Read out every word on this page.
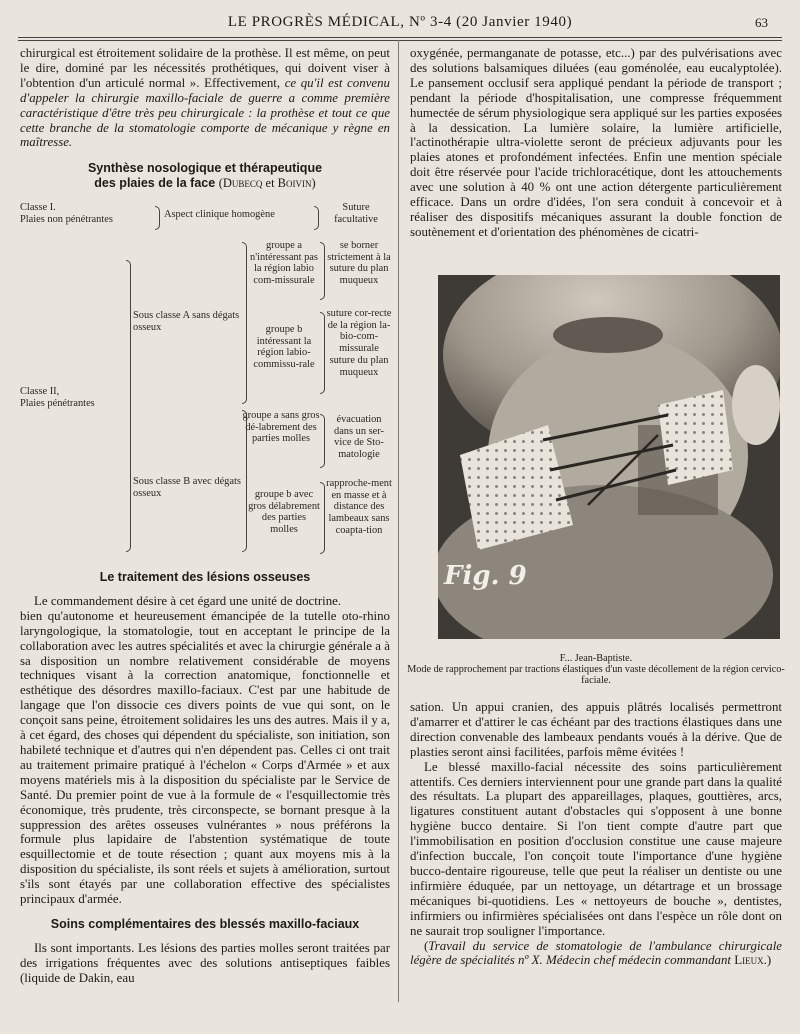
LE PROGRÈS MÉDICAL, Nº 3-4 (20 Janvier 1940)	63

chirurgical est étroitement solidaire de la prothèse. Il est même, on peut le dire, dominé par les nécessités prothétiques, qui doivent viser à l'obtention d'un articulé normal ». Effectivement, ce qu'il est convenu d'appeler la chirurgie maxillo-faciale de guerre a comme première caractéristique d'être très peu chirurgicale : la prothèse et tout ce que cette branche de la stomatologie comporte de mécanique y règne en maîtresse.

Synthèse nosologique et thérapeutique
des plaies de la face (Dubecq et Boivin)
Classe I.
Plaies non pénétrantes	Aspect clinique homogène
Suture facultative
Classe II,
Plaies pénétrantes
Sous classe A sans dégats osseux
Sous classe B avec dégats osseux
groupe a n'intéressant pas la région labio com-missurale
se borner strictement à la suture du plan muqueux
groupe b intéressant la région labio-commissu-rale
suture cor-recte de la région la-bio-com-missurale suture du plan muqueux
groupe a sans gros dé-labrement des parties molles
évacuation dans un ser-vice de Sto-matologie
groupe b avec gros délabrement des parties molles
rapproche-ment en masse et à distance des lambeaux sans coapta-tion
Le traitement des lésions osseuses

Le commandement désire à cet égard une unité de doctrine.

bien qu'autonome et heureusement émancipée de la tutelle oto-rhino laryngologique, la stomatologie, tout en acceptant le principe de la collaboration avec les autres spécialités et avec la chirurgie générale a à sa disposition un nombre relativement considérable de moyens techniques visant à la correction anatomique, fonctionnelle et esthétique des désordres maxillo-faciaux. C'est par une habitude de langage que l'on dissocie ces divers points de vue qui sont, on le conçoit sans peine, étroitement solidaires les uns des autres. Mais il y a, à cet égard, des choses qui dépendent du spécialiste, son initiation, son habileté technique et d'autres qui n'en dépendent pas. Celles ci ont trait au traitement primaire pratiqué à l'échelon « Corps d'Armée » et aux moyens matériels mis à la disposition du spécialiste par le Service de Santé. Du premier point de vue à la formule de « l'esquillectomie très économique, très prudente, très circonspecte, se bornant presque à la suppression des arêtes osseuses vulnérantes » nous préférons la formule plus lapidaire de l'abstention systématique de toute esquillectomie et de toute résection ; quant aux moyens mis à la disposition du spécialiste, ils sont réels et sujets à amélioration, surtout s'ils sont étayés par une collaboration effective des spécialistes principaux d'armée.

Soins complémentaires des blessés maxillo-faciaux

Ils sont importants. Les lésions des parties molles seront traitées par des irrigations fréquentes avec des solutions antiseptiques faibles (liquide de Dakin, eau

oxygénée, permanganate de potasse, etc...) par des pulvérisations avec des solutions balsamiques diluées (eau goménolée, eau eucalyptolée). Le pansement occlusif sera appliqué pendant la période de transport ; pendant la période d'hospitalisation, une compresse fréquemment humectée de sérum physiologique sera appliqué sur les parties exposées à la dessication. La lumière solaire, la lumière artificielle, l'actinothérapie ultra-violette seront de précieux adjuvants pour les plaies atones et profondément infectées. Enfin une mention spéciale doit être réservée pour l'acide trichloracétique, dont les attouchements avec une solution à 40 % ont une action détergente particulièrement efficace. Dans un ordre d'idées, l'on sera conduit à concevoir et à réaliser des dispositifs mécaniques assurant la double fonction de soutènement et d'orientation des phénomènes de cicatri-

Fig. 9
F... Jean-Baptiste.
Mode de rapprochement par tractions élastiques d'un vaste décollement de la région cervico-faciale.

sation. Un appui cranien, des appuis plâtrés localisés permettront d'amarrer et d'attirer le cas échéant par des tractions élastiques dans une direction convenable des lambeaux pendants voués à la dérive. Que de plasties seront ainsi facilitées, parfois même évitées !

Le blessé maxillo-facial nécessite des soins particulièrement attentifs. Ces derniers interviennent pour une grande part dans la qualité des résultats. La plupart des appareillages, plaques, gouttières, arcs, ligatures constituent autant d'obstacles qui s'opposent à une bonne hygiène bucco dentaire. Si l'on tient compte d'autre part que l'immobilisation en position d'occlusion constitue une cause majeure d'infection buccale, l'on conçoit toute l'importance d'une hygiène bucco-dentaire rigoureuse, telle que peut la réaliser un dentiste ou une infirmière éduquée, par un nettoyage, un détartrage et un brossage mécaniques bi-quotidiens. Les « nettoyeurs de bouche », dentistes, infirmiers ou infirmières spécialisées ont dans l'espèce un rôle dont on ne saurait trop souligner l'importance.

(Travail du service de stomatologie de l'ambulance chirurgicale légère de spécialités nº X. Médecin chef médecin commandant Lieux.)
